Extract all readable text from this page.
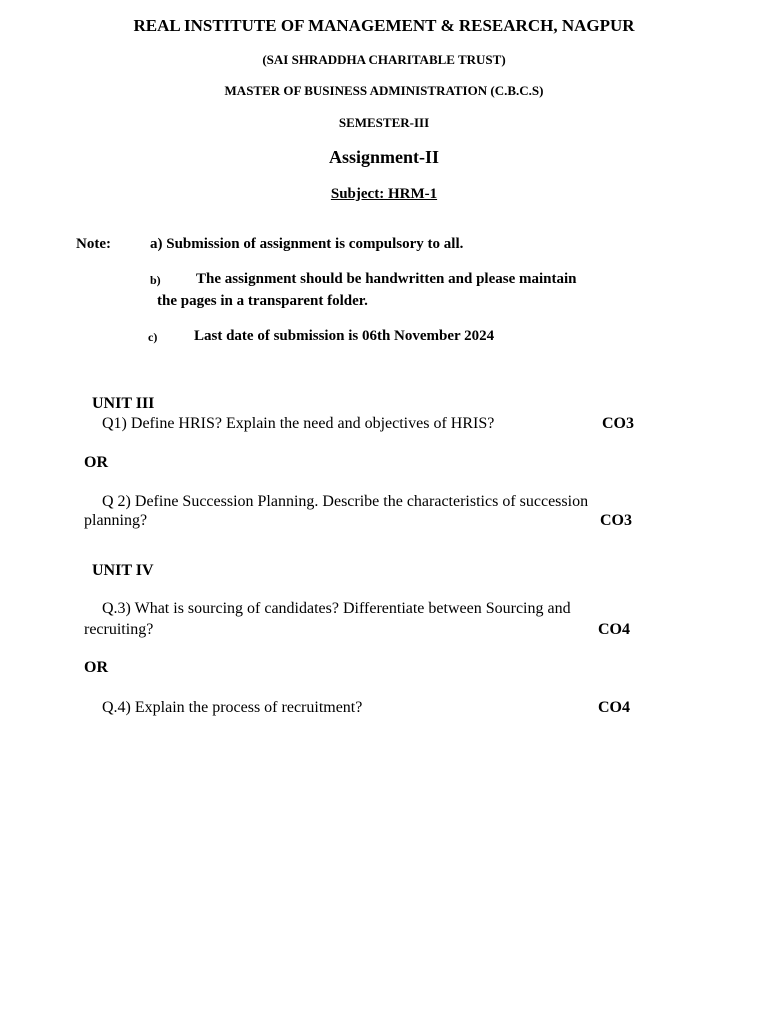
REAL INSTITUTE OF MANAGEMENT & RESEARCH, NAGPUR
(SAI SHRADDHA CHARITABLE TRUST)
MASTER OF BUSINESS ADMINISTRATION (C.B.C.S)
SEMESTER-III
Assignment-II
Subject: HRM-1
Note:	a) Submission of assignment is compulsory to all.
b) The assignment should be handwritten and please maintain
the pages in a transparent folder.
c) Last date of submission is 06th November 2024
UNIT III
Q1) Define HRIS? Explain the need and objectives of HRIS?	CO3
OR
Q 2) Define Succession Planning. Describe the characteristics of succession
planning?	CO3
UNIT IV
Q.3) What is sourcing of candidates? Differentiate between Sourcing and
recruiting?	CO4
OR
Q.4) Explain the process of recruitment?	CO4
